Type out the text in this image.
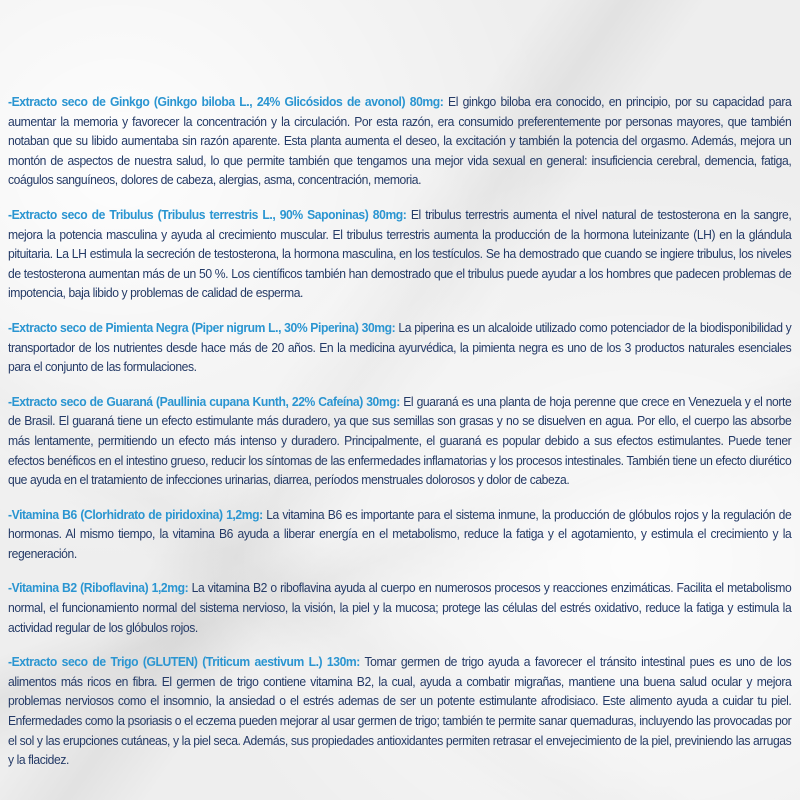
-Extracto seco de Ginkgo (Ginkgo biloba L., 24% Glicósidos de avonol) 80mg: El ginkgo biloba era conocido, en principio, por su capacidad para aumentar la memoria y favorecer la concentración y la circulación. Por esta razón, era consumido preferentemente por personas mayores, que también notaban que su libido aumentaba sin razón aparente. Esta planta aumenta el deseo, la excitación y también la potencia del orgasmo. Además, mejora un montón de aspectos de nuestra salud, lo que permite también que tengamos una mejor vida sexual en general: insuficiencia cerebral, demencia, fatiga, coágulos sanguíneos, dolores de cabeza, alergias, asma, concentración, memoria.

-Extracto seco de Tribulus (Tribulus terrestris L., 90% Saponinas) 80mg: El tribulus terrestris aumenta el nivel natural de testosterona en la sangre, mejora la potencia masculina y ayuda al crecimiento muscular. El tribulus terrestris aumenta la producción de la hormona luteinizante (LH) en la glándula pituitaria. La LH estimula la secreción de testosterona, la hormona masculina, en los testículos. Se ha demostrado que cuando se ingiere tribulus, los niveles de testosterona aumentan más de un 50 %. Los científicos también han demostrado que el tribulus puede ayudar a los hombres que padecen problemas de impotencia, baja libido y problemas de calidad de esperma.

-Extracto seco de Pimienta Negra (Piper nigrum L., 30% Piperina) 30mg: La piperina es un alcaloide utilizado como potenciador de la biodisponibilidad y transportador de los nutrientes desde hace más de 20 años. En la medicina ayurvédica, la pimienta negra es uno de los 3 productos naturales esenciales para el conjunto de las formulaciones.

-Extracto seco de Guaraná (Paullinia cupana Kunth, 22% Cafeína) 30mg: El guaraná es una planta de hoja perenne que crece en Venezuela y el norte de Brasil. El guaraná tiene un efecto estimulante más duradero, ya que sus semillas son grasas y no se disuelven en agua. Por ello, el cuerpo las absorbe más lentamente, permitiendo un efecto más intenso y duradero. Principalmente, el guaraná es popular debido a sus efectos estimulantes. Puede tener efectos benéficos en el intestino grueso, reducir los síntomas de las enfermedades inflamatorias y los procesos intestinales. También tiene un efecto diurético que ayuda en el tratamiento de infecciones urinarias, diarrea, períodos menstruales dolorosos y dolor de cabeza.

-Vitamina B6 (Clorhidrato de piridoxina) 1,2mg: La vitamina B6 es importante para el sistema inmune, la producción de glóbulos rojos y la regulación de hormonas. Al mismo tiempo, la vitamina B6 ayuda a liberar energía en el metabolismo, reduce la fatiga y el agotamiento, y estimula el crecimiento y la regeneración.

-Vitamina B2 (Riboflavina) 1,2mg: La vitamina B2 o riboflavina ayuda al cuerpo en numerosos procesos y reacciones enzimáticas. Facilita el metabolismo normal, el funcionamiento normal del sistema nervioso, la visión, la piel y la mucosa; protege las células del estrés oxidativo, reduce la fatiga y estimula la actividad regular de los glóbulos rojos.

-Extracto seco de Trigo (GLUTEN) (Triticum aestivum L.) 130m: Tomar germen de trigo ayuda a favorecer el tránsito intestinal pues es uno de los alimentos más ricos en fibra. El germen de trigo contiene vitamina B2, la cual, ayuda a combatir migrañas, mantiene una buena salud ocular y mejora problemas nerviosos como el insomnio, la ansiedad o el estrés ademas de ser un potente estimulante afrodisiaco. Este alimento ayuda a cuidar tu piel. Enfermedades como la psoriasis o el eczema pueden mejorar al usar germen de trigo; también te permite sanar quemaduras, incluyendo las provocadas por el sol y las erupciones cutáneas, y la piel seca. Además, sus propiedades antioxidantes permiten retrasar el envejecimiento de la piel, previniendo las arrugas y la flacidez.
